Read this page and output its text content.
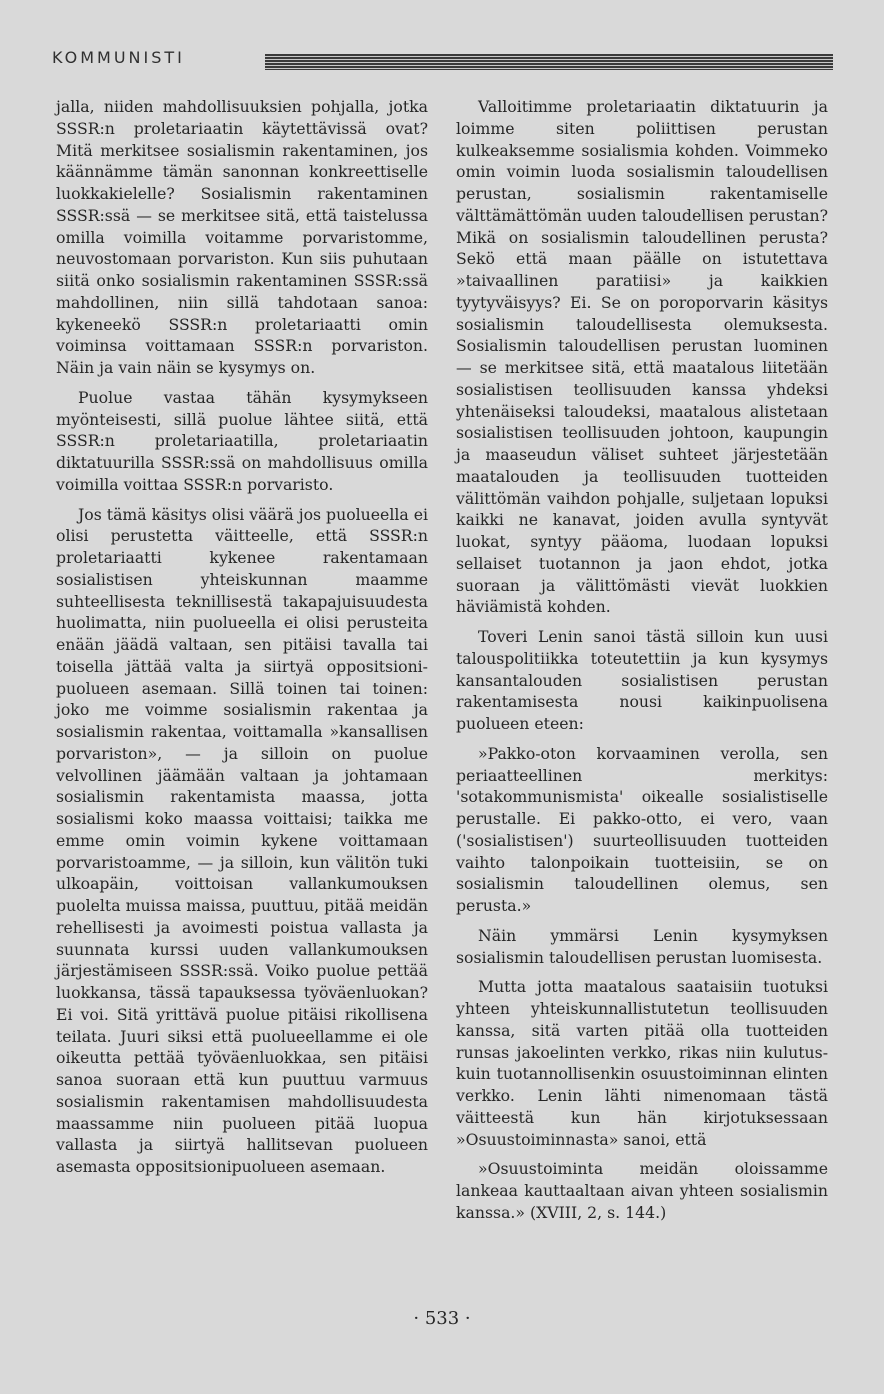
KOMMUNISTI

jalla, niiden mahdollisuuksien pohjalla, jotka SSSR:n proletariaatin käytettävissä ovat? Mitä merkitsee sosialismin rakentaminen, jos käännämme tämän sanonnan konkreettiselle luokkakielelle? Sosialismin rakentaminen SSSR:ssä — se merkitsee sitä, että taistelussa omilla voimilla voitamme porvaristomme, neuvostomaan porvariston. Kun siis puhutaan siitä onko sosialismin rakentaminen SSSR:ssä mahdollinen, niin sillä tahdotaan sanoa: kykeneekö SSSR:n proletariaatti omin voiminsa voittamaan SSSR:n porvariston. Näin ja vain näin se kysymys on.

Puolue vastaa tähän kysymykseen myönteisesti, sillä puolue lähtee siitä, että SSSR:n proletariaatilla, proletariaatin diktatuurilla SSSR:ssä on mahdollisuus omilla voimilla voittaa SSSR:n porvaristo.

Jos tämä käsitys olisi väärä jos puolueella ei olisi perustetta väitteelle, että SSSR:n proletariaatti kykenee rakentamaan sosialistisen yhteiskunnan maamme suhteellisesta teknillisestä takapajuisuudesta huolimatta, niin puolueella ei olisi perusteita enään jäädä valtaan, sen pitäisi tavalla tai toisella jättää valta ja siirtyä oppositsioni-puolueen asemaan. Sillä toinen tai toinen: joko me voimme sosialismin rakentaa ja sosialismin rakentaa, voittamalla »kansallisen porvariston», — ja silloin on puolue velvollinen jäämään valtaan ja johtamaan sosialismin rakentamista maassa, jotta sosialismi koko maassa voittaisi; taikka me emme omin voimin kykene voittamaan porvaristoamme, — ja silloin, kun välitön tuki ulkoapäin, voittoisan vallankumouksen puolelta muissa maissa, puuttuu, pitää meidän rehellisesti ja avoimesti poistua vallasta ja suunnata kurssi uuden vallankumouksen järjestämiseen SSSR:ssä. Voiko puolue pettää luokkansa, tässä tapauksessa työväenluokan? Ei voi. Sitä yrittävä puolue pitäisi rikollisena teilata. Juuri siksi että puolueellamme ei ole oikeutta pettää työväenluokkaa, sen pitäisi sanoa suoraan että kun puuttuu varmuus sosialismin rakentamisen mahdollisuudesta maassamme niin puolueen pitää luopua vallasta ja siirtyä hallitsevan puolueen asemasta oppositsionipuolueen asemaan.

Valloitimme proletariaatin diktatuurin ja loimme siten poliittisen perustan kulkeaksemme sosialismia kohden. Voimmeko omin voimin luoda sosialismin taloudellisen perustan, sosialismin rakentamiselle välttämättömän uuden taloudellisen perustan? Mikä on sosialismin taloudellinen perusta? Sekö että maan päälle on istutettava »taivaallinen paratiisi» ja kaikkien tyytyväisyys? Ei. Se on poroporvarin käsitys sosialismin taloudellisesta olemuksesta. Sosialismin taloudellisen perustan luominen — se merkitsee sitä, että maatalous liitetään sosialistisen teollisuuden kanssa yhdeksi yhtenäiseksi taloudeksi, maatalous alistetaan sosialistisen teollisuuden johtoon, kaupungin ja maaseudun väliset suhteet järjestetään maatalouden ja teollisuuden tuotteiden välittömän vaihdon pohjalle, suljetaan lopuksi kaikki ne kanavat, joiden avulla syntyvät luokat, syntyy pääoma, luodaan lopuksi sellaiset tuotannon ja jaon ehdot, jotka suoraan ja välittömästi vievät luokkien häviämistä kohden.

Toveri Lenin sanoi tästä silloin kun uusi talouspolitiikka toteutettiin ja kun kysymys kansantalouden sosialistisen perustan rakentamisesta nousi kaikinpuolisena puolueen eteen:

»Pakko-oton korvaaminen verolla, sen periaatteellinen merkitys: 'sotakommunismista' oikealle sosialistiselle perustalle. Ei pakko-otto, ei vero, vaan ('sosialistisen') suurteollisuuden tuotteiden vaihto talonpoikain tuotteisiin, se on sosialismin taloudellinen olemus, sen perusta.»

Näin ymmärsi Lenin kysymyksen sosialismin taloudellisen perustan luomisesta.

Mutta jotta maatalous saataisiin tuotuksi yhteen yhteiskunnallistutetun teollisuuden kanssa, sitä varten pitää olla tuotteiden runsas jakoelinten verkko, rikas niin kulutus- kuin tuotannollisenkin osuustoiminnan elinten verkko. Lenin lähti nimenomaan tästä väitteestä kun hän kirjotuksessaan »Osuustoiminnasta» sanoi, että

»Osuustoiminta meidän oloissamme lankeaa kauttaaltaan aivan yhteen sosialismin kanssa.» (XVIII, 2, s. 144.)

· 533 ·
